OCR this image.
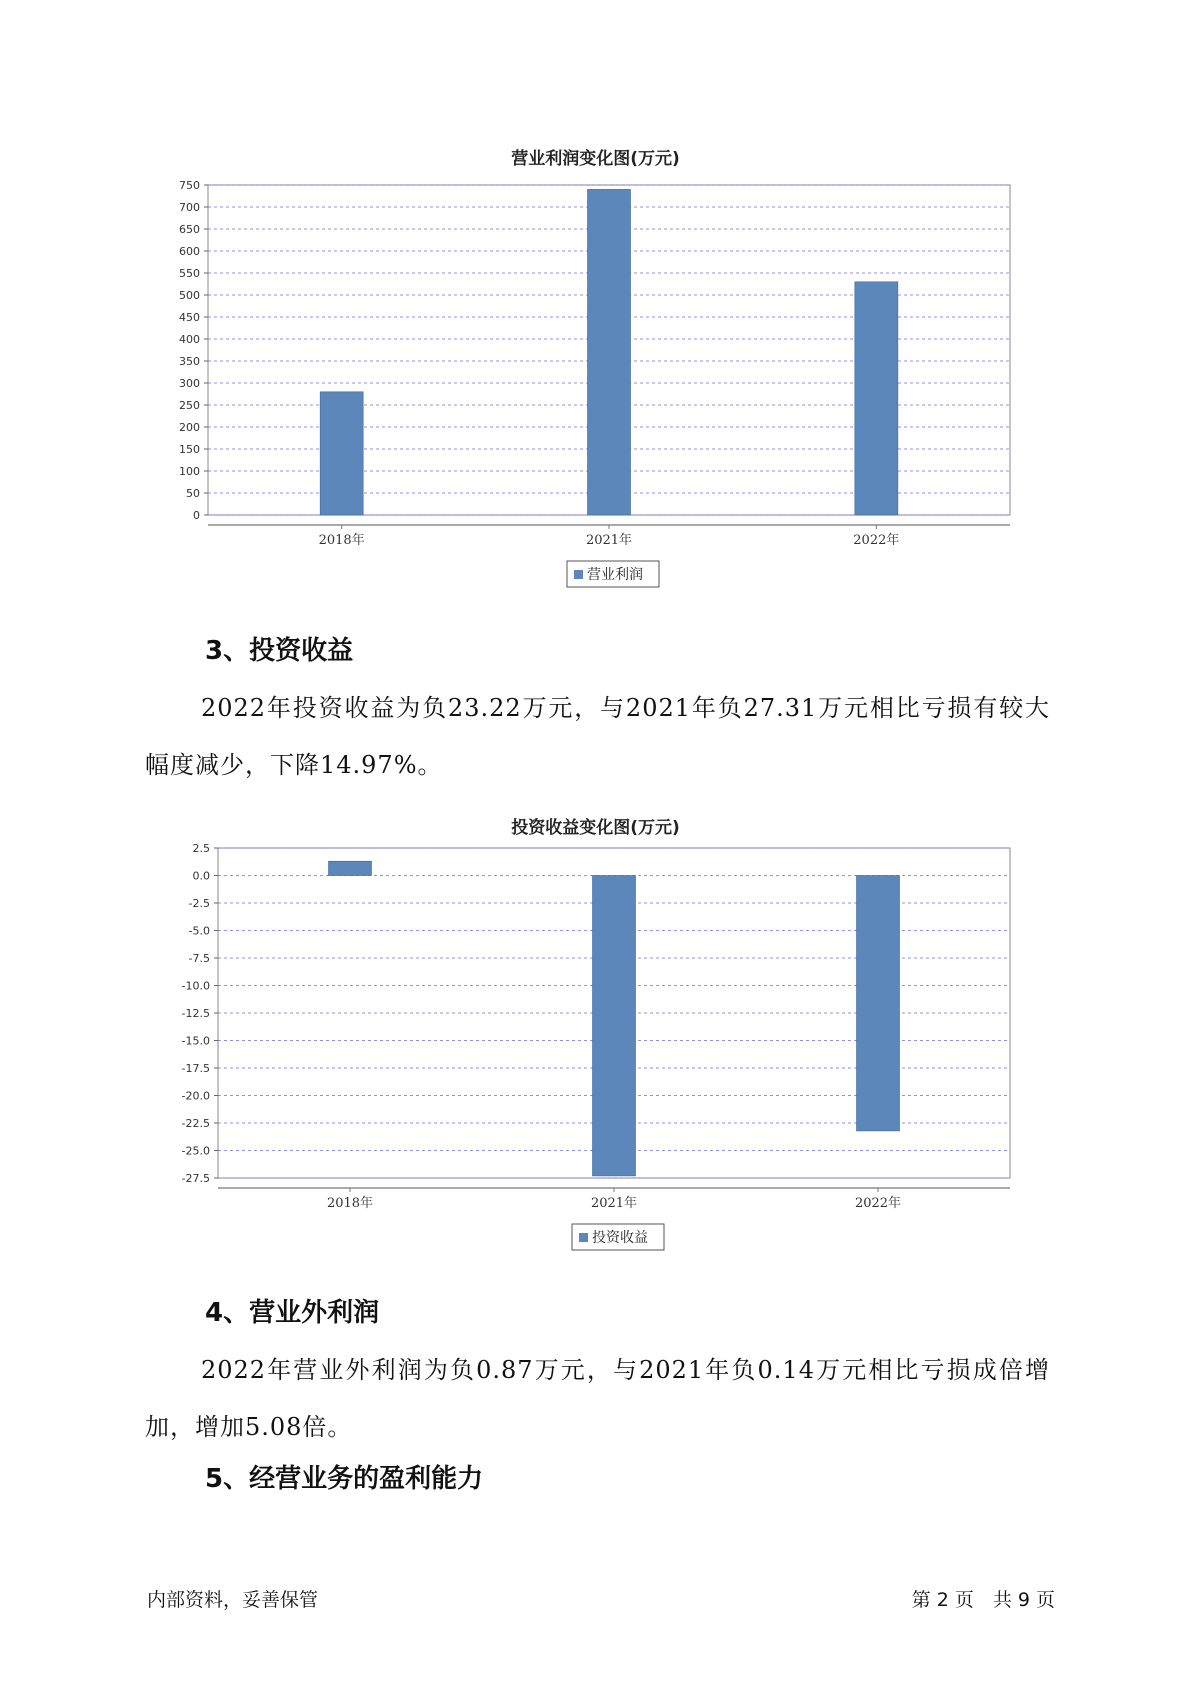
营业利润变化图(万元)
0
50
100
150
200
250
300
350
400
450
500
550
600
650
700
750
2018年	2021年	2022年
营业利润
3、投资收益

2022年投资收益为负23.22万元，与2021年负27.31万元相比亏损有较大幅度减少，下降14.97%。

投资收益变化图(万元)
2.5
0.0
-2.5
-5.0
-7.5
-10.0
-12.5
-15.0
-17.5
-20.0
-22.5
-25.0
-27.5
2018年	2021年	2022年
投资收益
4、营业外利润

2022年营业外利润为负0.87万元，与2021年负0.14万元相比亏损成倍增加，增加5.08倍。

5、经营业务的盈利能力
内部资料，妥善保管	第 2 页　共 9 页
